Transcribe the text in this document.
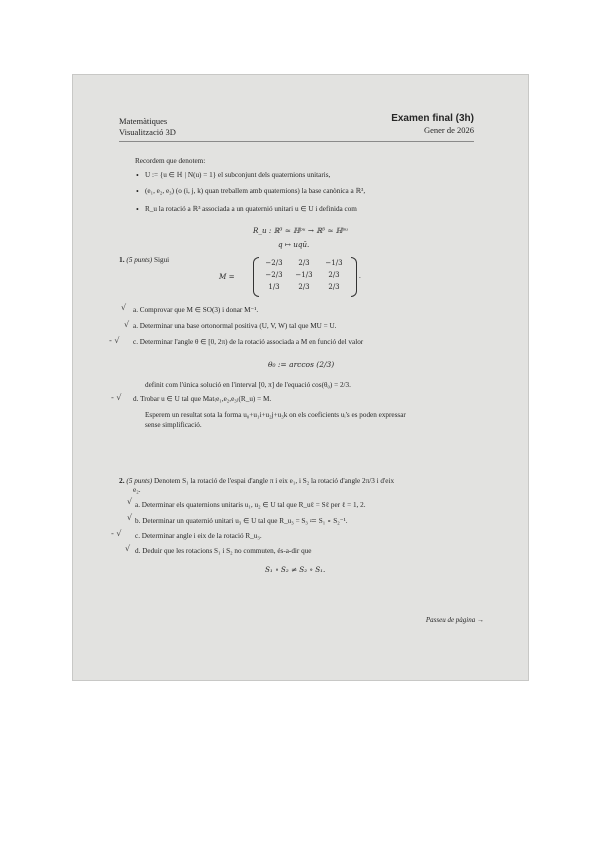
Matemàtiques
Visualització 3D
Examen final (3h)
Gener de 2026
Recordem que denotem:
• U := {u ∈ ℍ | N(u) = 1} el subconjunt dels quaternions unitaris,
• (e₁, e₂, e₃) (o (i, j, k) quan treballem amb quaternions) la base canònica a ℝ³,
• R_u la rotació a ℝ³ associada a un quaternió unitari u ∈ U i definida com
R_u : ℝ³ ≃ ℍᵖᵘ → ℝ³ ≃ ℍᵖᵘ
q ↦ uqū.
1. (5 punts) Sigui
M =
−2/3 2/3 −1/3
−2/3 −1/3 2/3
1/3	2/3	2/3
.
√ a. Comprovar que M ∈ SO(3) i donar M⁻¹.
√ a. Determinar una base ortonormal positiva (U, V, W) tal que MU = U.
- √ c. Determinar l'angle θ ∈ [0, 2π) de la rotació associada a M en funció del valor
θ₀ := arccos (2/3)
definit com l'única solució en l'interval [0, π] de l'equació cos(θ₀) = 2/3.
- √ d. Trobar u ∈ U tal que Mat₍e₁,e₂,e₃₎(R_u) = M.
Esperem un resultat sota la forma u₀+u₁i+u₂j+u₃k on els coeficients uᵢ's es poden expressar
sense simplificació.
2. (5 punts) Denotem S₁ la rotació de l'espai d'angle π i eix e₁, i S₂ la rotació d'angle 2π/3 i d'eix
e₂.
√ a. Determinar els quaternions unitaris u₁, u₂ ∈ U tal que R_uℓ = Sℓ per ℓ = 1, 2.
√ b. Determinar un quaternió unitari u₃ ∈ U tal que R_u₃ = S₃ ≔ S₁ ∘ S₂⁻¹.
- √ c. Determinar angle i eix de la rotació R_u₃.
√ d. Deduir que les rotacions S₁ i S₂ no commuten, és-a-dir que
S₁ ∘ S₂ ≠ S₂ ∘ S₁.
Passeu de pàgina →
